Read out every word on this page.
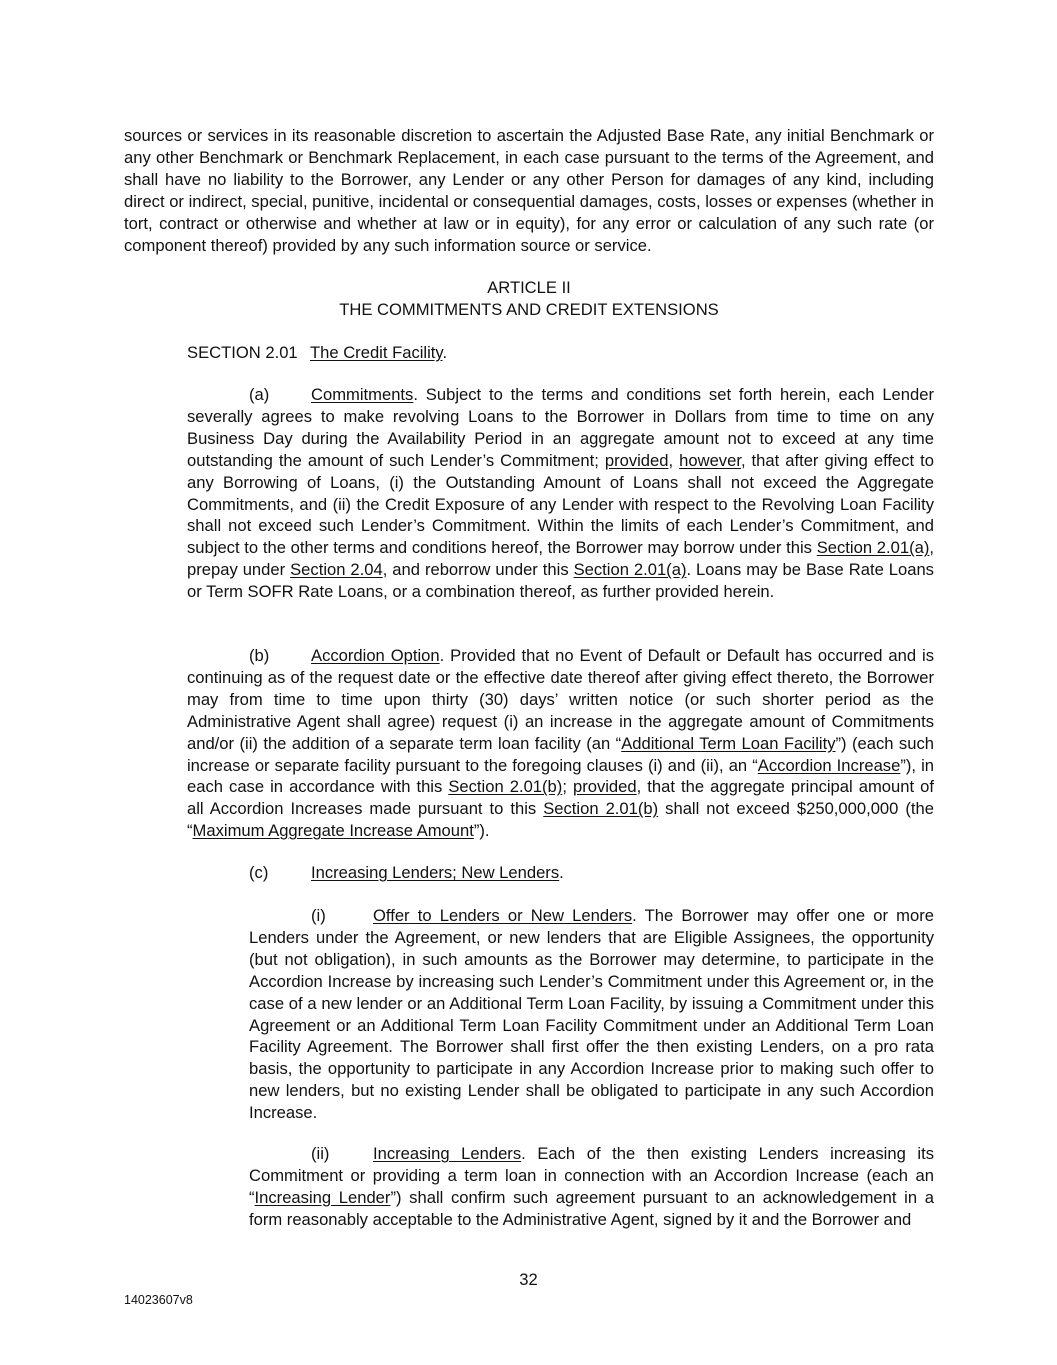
sources or services in its reasonable discretion to ascertain the Adjusted Base Rate, any initial Benchmark or any other Benchmark or Benchmark Replacement, in each case pursuant to the terms of the Agreement, and shall have no liability to the Borrower, any Lender or any other Person for damages of any kind, including direct or indirect, special, punitive, incidental or consequential damages, costs, losses or expenses (whether in tort, contract or otherwise and whether at law or in equity), for any error or calculation of any such rate (or component thereof) provided by any such information source or service.

ARTICLE II
THE COMMITMENTS AND CREDIT EXTENSIONS
SECTION 2.01 The Credit Facility.

(a)	Commitments. Subject to the terms and conditions set forth herein, each Lender severally agrees to make revolving Loans to the Borrower in Dollars from time to time on any Business Day during the Availability Period in an aggregate amount not to exceed at any time outstanding the amount of such Lender’s Commitment; provided, however, that after giving effect to any Borrowing of Loans, (i) the Outstanding Amount of Loans shall not exceed the Aggregate Commitments, and (ii) the Credit Exposure of any Lender with respect to the Revolving Loan Facility shall not exceed such Lender’s Commitment. Within the limits of each Lender’s Commitment, and subject to the other terms and conditions hereof, the Borrower may borrow under this Section 2.01(a), prepay under Section 2.04, and reborrow under this Section 2.01(a). Loans may be Base Rate Loans or Term SOFR Rate Loans, or a combination thereof, as further provided herein.

(b)	Accordion Option. Provided that no Event of Default or Default has occurred and is continuing as of the request date or the effective date thereof after giving effect thereto, the Borrower may from time to time upon thirty (30) days’ written notice (or such shorter period as the Administrative Agent shall agree) request (i) an increase in the aggregate amount of Commitments and/or (ii) the addition of a separate term loan facility (an “Additional Term Loan Facility”) (each such increase or separate facility pursuant to the foregoing clauses (i) and (ii), an “Accordion Increase”), in each case in accordance with this Section 2.01(b); provided, that the aggregate principal amount of all Accordion Increases made pursuant to this Section 2.01(b) shall not exceed $250,000,000 (the “Maximum Aggregate Increase Amount”).

(c)	Increasing Lenders; New Lenders.

(i)	Offer to Lenders or New Lenders. The Borrower may offer one or more Lenders under the Agreement, or new lenders that are Eligible Assignees, the opportunity (but not obligation), in such amounts as the Borrower may determine, to participate in the Accordion Increase by increasing such Lender’s Commitment under this Agreement or, in the case of a new lender or an Additional Term Loan Facility, by issuing a Commitment under this Agreement or an Additional Term Loan Facility Commitment under an Additional Term Loan Facility Agreement. The Borrower shall first offer the then existing Lenders, on a pro rata basis, the opportunity to participate in any Accordion Increase prior to making such offer to new lenders, but no existing Lender shall be obligated to participate in any such Accordion Increase.

(ii)	Increasing Lenders. Each of the then existing Lenders increasing its Commitment or providing a term loan in connection with an Accordion Increase (each an “Increasing Lender”) shall confirm such agreement pursuant to an acknowledgement in a form reasonably acceptable to the Administrative Agent, signed by it and the Borrower and

32
14023607v8
